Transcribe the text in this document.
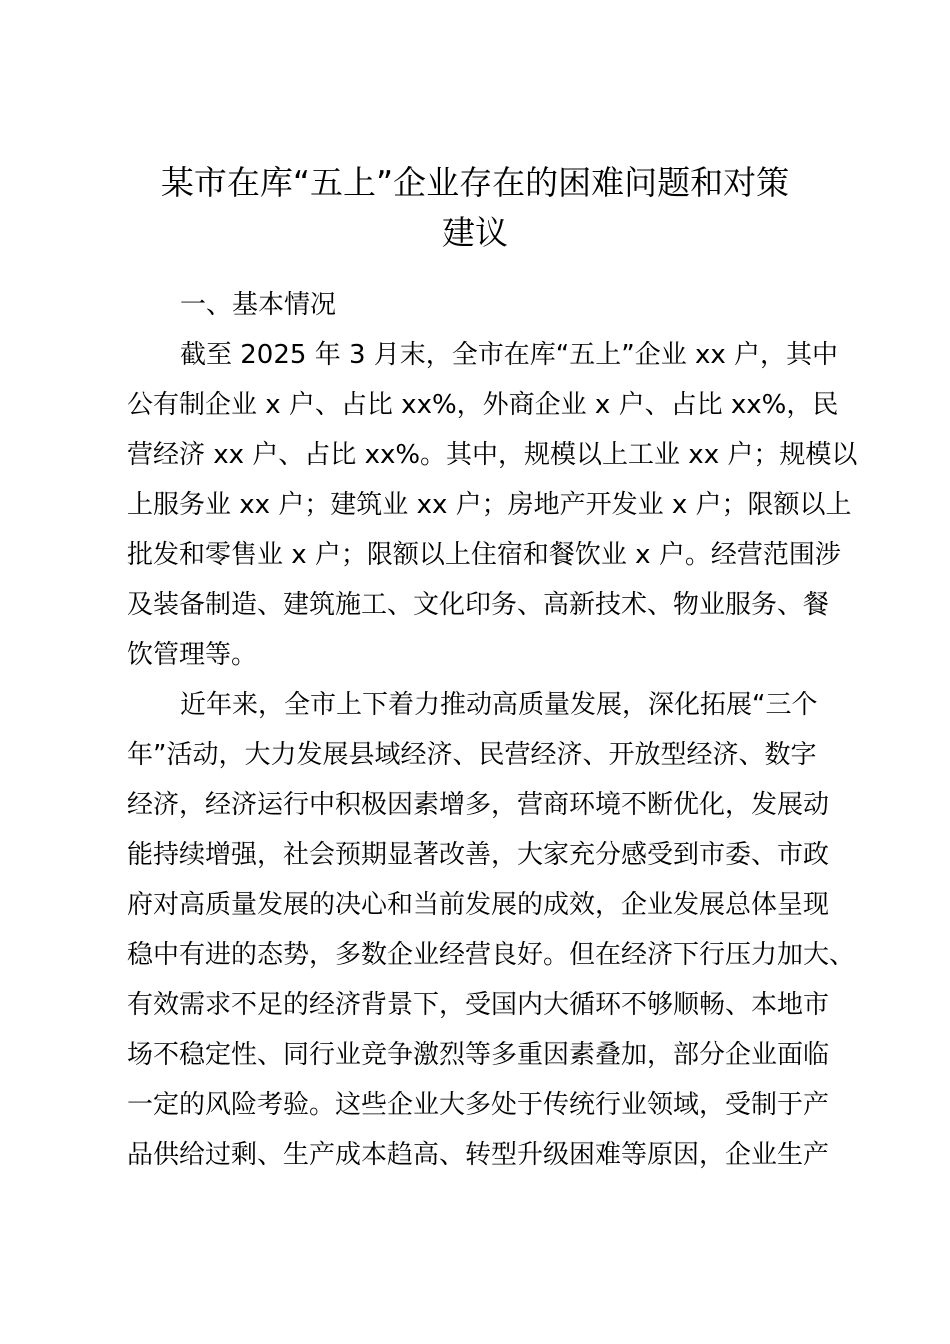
某市在库“五上”企业存在的困难问题和对策
建议

一、基本情况

截至 2025 年 3 月末，全市在库“五上”企业 xx 户，其中

公有制企业 x 户、占比 xx%，外商企业 x 户、占比 xx%，民

营经济 xx 户、占比 xx%。其中，规模以上工业 xx 户；规模以

上服务业 xx 户；建筑业 xx 户；房地产开发业 x 户；限额以上

批发和零售业 x 户；限额以上住宿和餐饮业 x 户。经营范围涉

及装备制造、建筑施工、文化印务、高新技术、物业服务、餐

饮管理等。

近年来，全市上下着力推动高质量发展，深化拓展“三个

年”活动，大力发展县域经济、民营经济、开放型经济、数字

经济，经济运行中积极因素增多，营商环境不断优化，发展动

能持续增强，社会预期显著改善，大家充分感受到市委、市政

府对高质量发展的决心和当前发展的成效，企业发展总体呈现

稳中有进的态势，多数企业经营良好。但在经济下行压力加大、

有效需求不足的经济背景下，受国内大循环不够顺畅、本地市

场不稳定性、同行业竞争激烈等多重因素叠加，部分企业面临

一定的风险考验。这些企业大多处于传统行业领域，受制于产

品供给过剩、生产成本趋高、转型升级困难等原因，企业生产
